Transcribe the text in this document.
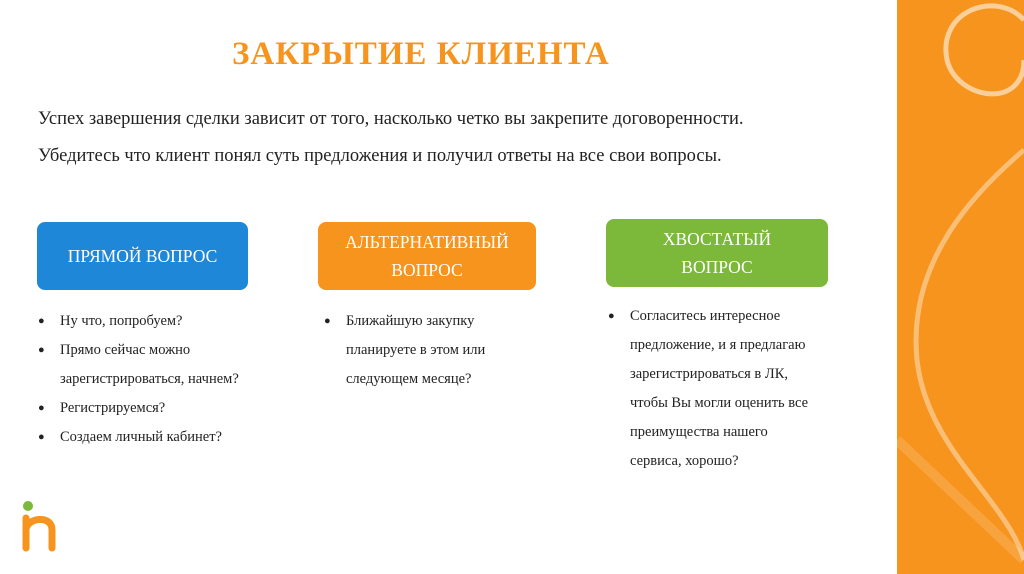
ЗАКРЫТИЕ КЛИЕНТА
Успех завершения сделки зависит от того, насколько четко вы закрепите договоренности.
Убедитесь что клиент понял суть предложения и получил ответы на все свои вопросы.
ПРЯМОЙ ВОПРОС
АЛЬТЕРНАТИВНЫЙ
ВОПРОС
ХВОСТАТЫЙ
ВОПРОС
● Ну что, попробуем?
● Прямо сейчас можно
зарегистрироваться, начнем?
● Регистрируемся?
● Создаем личный кабинет?
● Ближайшую закупку
планируете в этом или
следующем месяце?
● Согласитесь интересное
предложение, и я предлагаю
зарегистрироваться в ЛК,
чтобы Вы могли оценить все
преимущества нашего
сервиса, хорошо?
